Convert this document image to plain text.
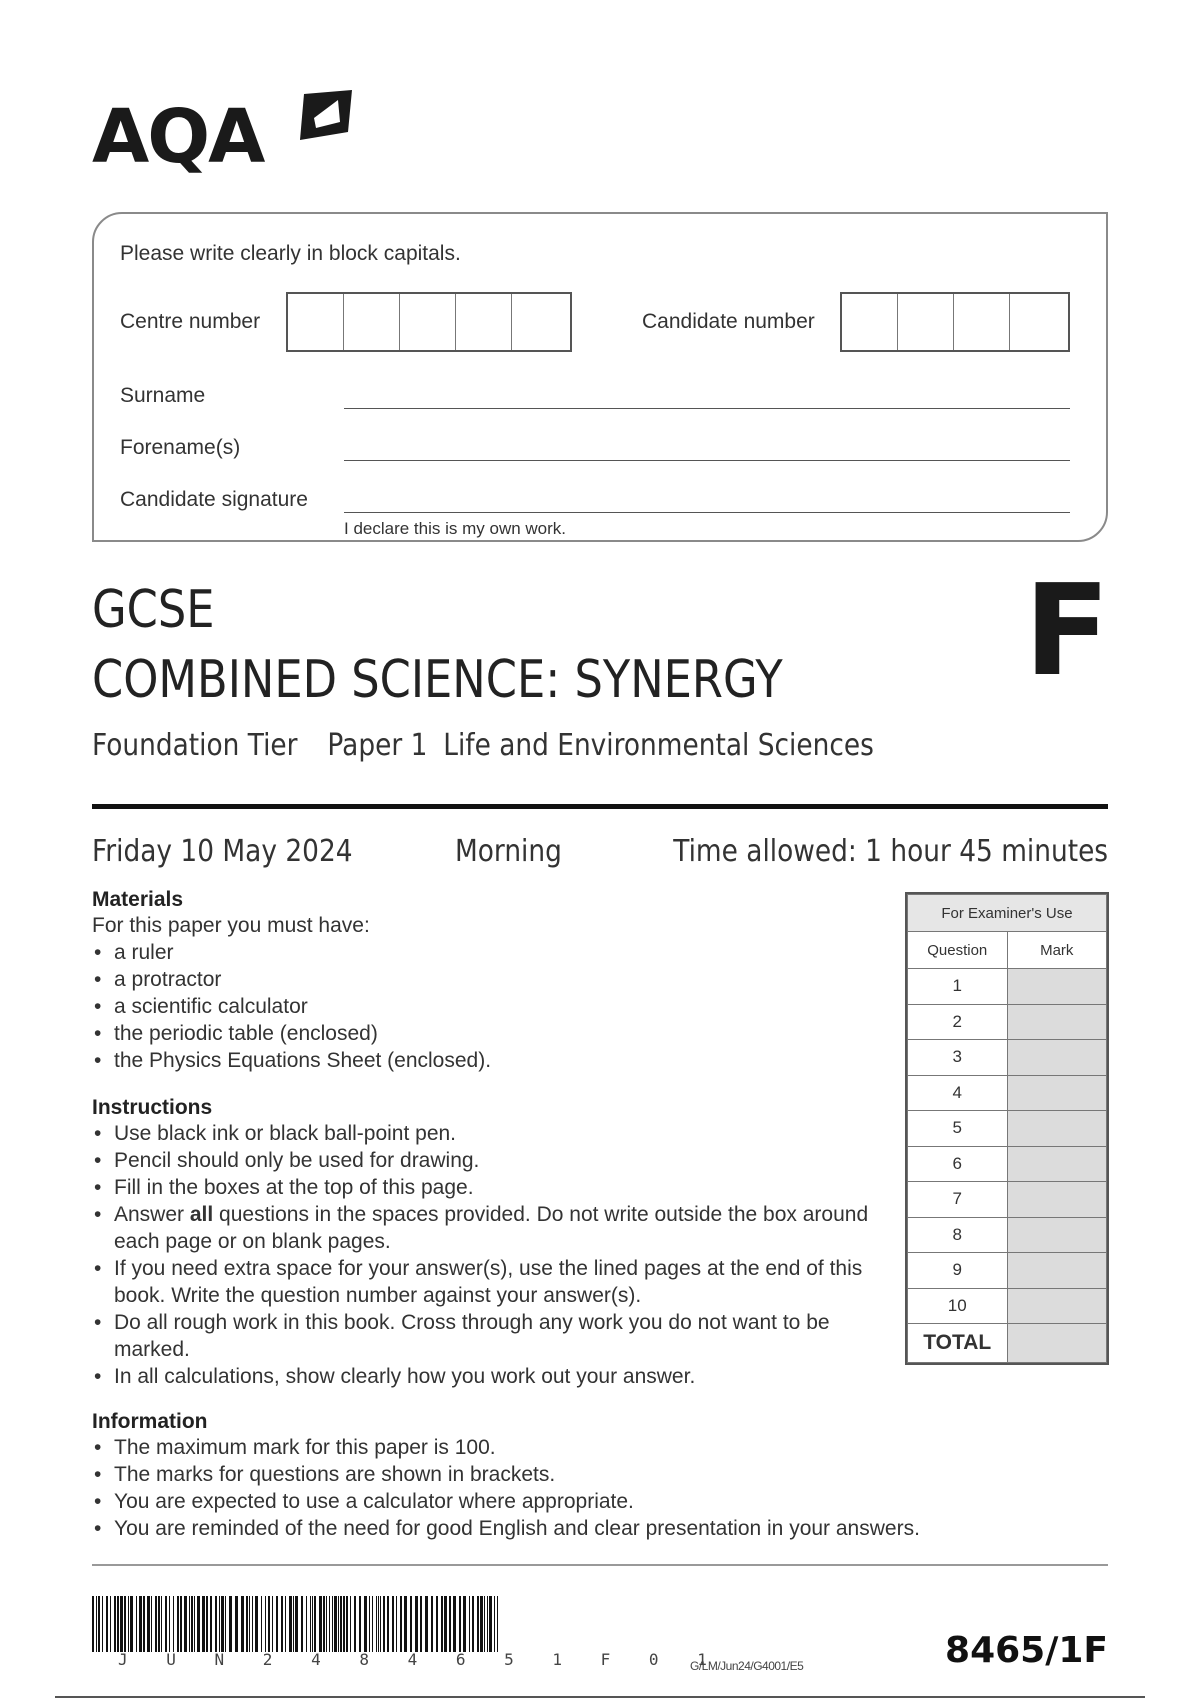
AQA
Please write clearly in block capitals.
Centre number	Candidate number
Surname
Forename(s)
Candidate signature
I declare this is my own work.
GCSE
COMBINED SCIENCE: SYNERGY
Foundation Tier Paper 1 Life and Environmental Sciences
F
Friday 10 May 2024	Morning	Time allowed: 1 hour 45 minutes
Materials
For this paper you must have:
• a ruler
• a protractor
• a scientific calculator
• the periodic table (enclosed)
• the Physics Equations Sheet (enclosed).
Instructions
• Use black ink or black ball-point pen.
• Pencil should only be used for drawing.
• Fill in the boxes at the top of this page.
• Answer all questions in the spaces provided. Do not write outside the box around each page or on blank pages.
• If you need extra space for your answer(s), use the lined pages at the end of this book. Write the question number against your answer(s).
• Do all rough work in this book. Cross through any work you do not want to be marked.
• In all calculations, show clearly how you work out your answer.
Information
• The maximum mark for this paper is 100.
• The marks for questions are shown in brackets.
• You are expected to use a calculator where appropriate.
• You are reminded of the need for good English and clear presentation in your answers.
For Examiner's Use	
Question	Mark
1	
2	
3	
4	
5	
6	
7	
8	
9	
10	
TOTAL	
J U N 2 4 8 4 6 5 1 F 0 1
G/LM/Jun24/G4001/E5	8465/1F
